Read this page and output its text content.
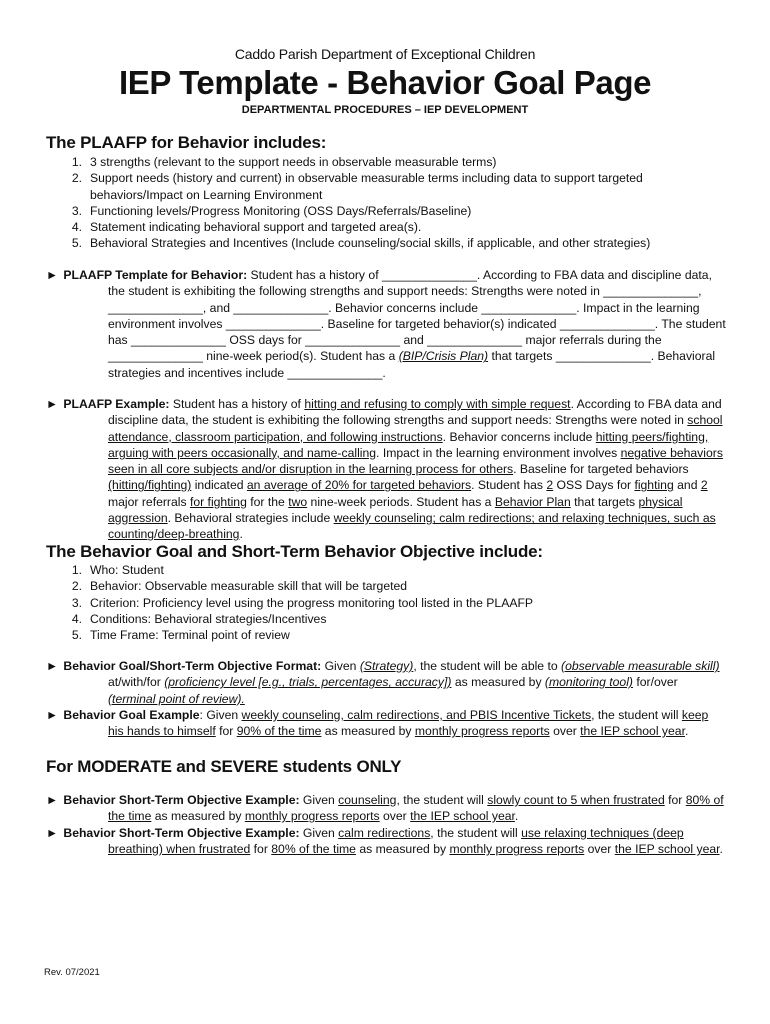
Caddo Parish Department of Exceptional Children
IEP Template - Behavior Goal Page
DEPARTMENTAL PROCEDURES – IEP DEVELOPMENT
The PLAAFP for Behavior includes:
1. 3 strengths (relevant to the support needs in observable measurable terms)
2. Support needs (history and current) in observable measurable terms including data to support targeted behaviors/Impact on Learning Environment
3. Functioning levels/Progress Monitoring (OSS Days/Referrals/Baseline)
4. Statement indicating behavioral support and targeted area(s).
5. Behavioral Strategies and Incentives (Include counseling/social skills, if applicable, and other strategies)
► PLAAFP Template for Behavior: Student has a history of ______________. According to FBA data and discipline data, the student is exhibiting the following strengths and support needs: Strengths were noted in ______________, ______________, and ______________. Behavior concerns include ______________. Impact in the learning environment involves ______________. Baseline for targeted behavior(s) indicated ______________. The student has ______________ OSS days for ______________ and ______________ major referrals during the ______________ nine-week period(s). Student has a (BIP/Crisis Plan) that targets ______________. Behavioral strategies and incentives include ______________.
► PLAAFP Example: Student has a history of hitting and refusing to comply with simple request. According to FBA data and discipline data, the student is exhibiting the following strengths and support needs: Strengths were noted in school attendance, classroom participation, and following instructions. Behavior concerns include hitting peers/fighting, arguing with peers occasionally, and name-calling. Impact in the learning environment involves negative behaviors seen in all core subjects and/or disruption in the learning process for others. Baseline for targeted behaviors (hitting/fighting) indicated an average of 20% for targeted behaviors. Student has 2 OSS Days for fighting and 2 major referrals for fighting for the two nine-week periods. Student has a Behavior Plan that targets physical aggression. Behavioral strategies include weekly counseling; calm redirections; and relaxing techniques, such as counting/deep-breathing.
The Behavior Goal and Short-Term Behavior Objective include:
1. Who: Student
2. Behavior: Observable measurable skill that will be targeted
3. Criterion: Proficiency level using the progress monitoring tool listed in the PLAAFP
4. Conditions: Behavioral strategies/Incentives
5. Time Frame: Terminal point of review
► Behavior Goal/Short-Term Objective Format: Given (Strategy), the student will be able to (observable measurable skill) at/with/for (proficiency level [e.g., trials, percentages, accuracy]) as measured by (monitoring tool) for/over (terminal point of review).
► Behavior Goal Example: Given weekly counseling, calm redirections, and PBIS Incentive Tickets, the student will keep his hands to himself for 90% of the time as measured by monthly progress reports over the IEP school year.
For MODERATE and SEVERE students ONLY
► Behavior Short-Term Objective Example: Given counseling, the student will slowly count to 5 when frustrated for 80% of the time as measured by monthly progress reports over the IEP school year.
► Behavior Short-Term Objective Example: Given calm redirections, the student will use relaxing techniques (deep breathing) when frustrated for 80% of the time as measured by monthly progress reports over the IEP school year.
Rev. 07/2021
